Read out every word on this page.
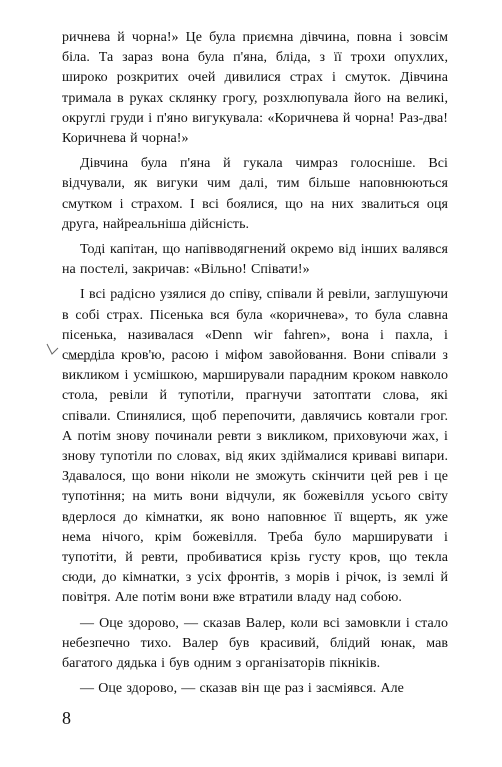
ричнева й чорна!» Це була приємна дівчина, повна і зовсім біла. Та зараз вона була п'яна, бліда, з її трохи опухлих, широко розкритих очей дивилися страх і смуток. Дівчина тримала в руках склянку грогу, розхлюпувала його на великі, округлі груди і п'яно вигукувала: «Коричнева й чорна! Раз-два! Коричнева й чорна!»

Дівчина була п'яна й гукала чимраз голосніше. Всі відчували, як вигуки чим далі, тим більше наповнюються смутком і страхом. І всі боялися, що на них звалиться оця друга, найреальніша дійсність.

Тоді капітан, що напівводягнений окремо від інших валявся на постелі, закричав: «Вільно! Співати!»

І всі радісно узялися до співу, співали й ревіли, заглушуючи в собі страх. Пісенька вся була «коричнева», то була славна пісенька, називалася «Denn wir fahren», вона і пахла, і смерділа кров'ю, расою і міфом завойовання. Вони співали з викликом і усмішкою, марширували парадним кроком навколо стола, ревіли й тупотіли, прагнучи затоптати слова, які співали. Спинялися, щоб перепочити, давлячись ковтали грог. А потім знову починали ревти з викликом, приховуючи жах, і знову тупотіли по словах, від яких здіймалися криваві випари. Здавалося, що вони ніколи не зможуть скінчити цей рев і це тупотіння; на мить вони відчули, як божевілля усього світу вдерлося до кімнатки, як воно наповнює її вщерть, як уже нема нічого, крім божевілля. Треба було марширувати і тупотіти, й ревти, пробиватися крізь густу кров, що текла сюди, до кімнатки, з усіх фронтів, з морів і річок, із землі й повітря. Але потім вони вже втратили владу над собою.

— Оце здорово, — сказав Валер, коли всі замовкли і стало небезпечно тихо. Валер був красивий, блідий юнак, мав багатого дядька і був одним з організаторів пікніків.

— Оце здорово, — сказав він ще раз і засміявся. Але

8
